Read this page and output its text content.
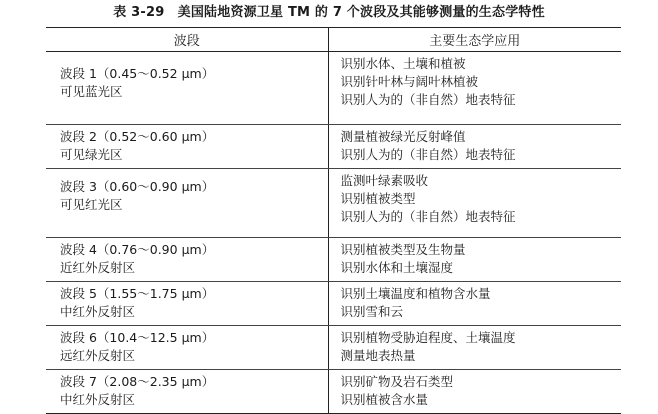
表 3-29　美国陆地资源卫星 TM 的 7 个波段及其能够测量的生态学特性
波段	主要生态学应用

波段 1（0.45～0.52 μm）
可见蓝光区	识别水体、土壤和植被
识别针叶林与阔叶林植被
识别人为的（非自然）地表特征

波段 2（0.52～0.60 μm）
可见绿光区	测量植被绿光反射峰值
识别人为的（非自然）地表特征

波段 3（0.60～0.90 μm）
可见红光区	监测叶绿素吸收
识别植被类型
识别人为的（非自然）地表特征

波段 4（0.76～0.90 μm）
近红外反射区	识别植被类型及生物量
识别水体和土壤湿度

波段 5（1.55～1.75 μm）
中红外反射区	识别土壤温度和植物含水量
识别雪和云

波段 6（10.4～12.5 μm）
远红外反射区	识别植物受胁迫程度、土壤温度
测量地表热量

波段 7（2.08～2.35 μm）
中红外反射区	识别矿物及岩石类型
识别植被含水量
